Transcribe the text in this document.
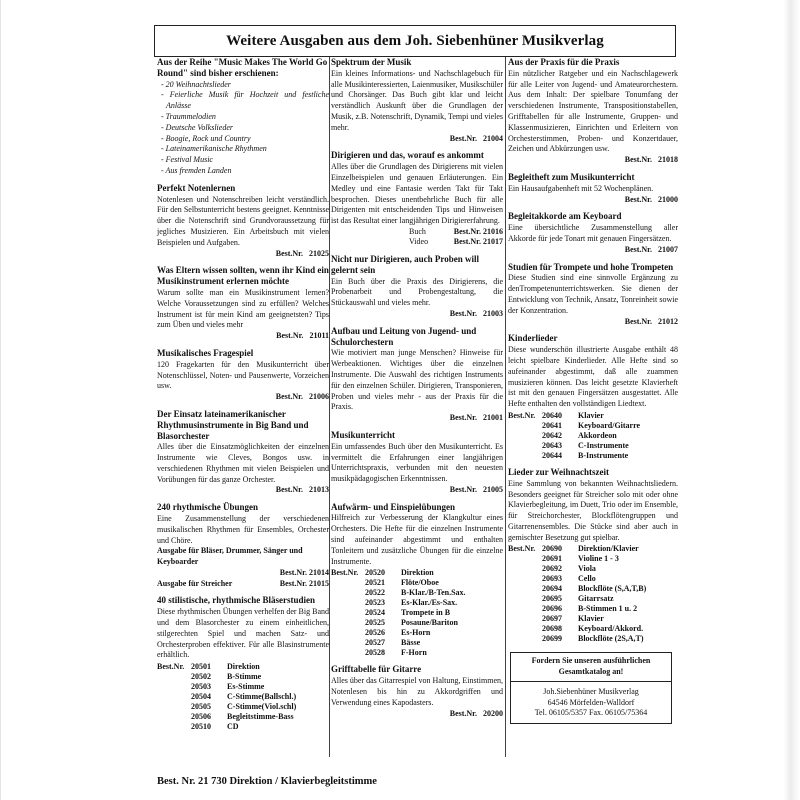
Weitere Ausgaben aus dem Joh. Siebenhüner Musikverlag
Aus der Reihe "Music Makes The World Go Round" sind bisher erschienen:
- 20 Weihnachtslieder
- Feierliche Musik für Hochzeit und festliche Anlässe
- Traummelodien
- Deutsche Volkslieder
- Boogie, Rock und Country
- Lateinamerikanische Rhythmen
- Festival Music
- Aus fremden Landen
Perfekt Notenlernen
Notenlesen und Notenschreiben leicht verständlich. Für den Selbstunterricht bestens geeignet. Kenntnisse über die Notenschrift sind Grundvoraussetzung für jegliches Musizieren. Ein Arbeitsbuch mit vielen Beispielen und Aufgaben.
Best.Nr. 21025
Was Eltern wissen sollten, wenn ihr Kind ein Musikinstrument erlernen möchte
Warum sollte man ein Musikinstrument lernen? Welche Voraussetzungen sind zu erfüllen? Welches Instrument ist für mein Kind am geeignetsten? Tips zum Üben und vieles mehr
Best.Nr. 21011
Musikalisches Fragespiel
120 Fragekarten für den Musikunterricht über Notenschlüssel, Noten- und Pausenwerte, Vorzeichen usw.
Best.Nr. 21006
Der Einsatz lateinamerikanischer Rhythmusinstrumente in Big Band und Blasorchester
Alles über die Einsatzmöglichkeiten der einzelnen Instrumente wie Cleves, Bongos usw. in verschiedenen Rhythmen mit vielen Beispielen und Vorübungen für das ganze Orchester.
Best.Nr. 21013
240 rhythmische Übungen
Eine Zusammenstellung der verschiedenen musikalischen Rhythmen für Ensembles, Orchester und Chöre.
Ausgabe für Bläser, Drummer, Sänger und Keyboarder
Best.Nr. 21014
Ausgabe für Streicher	Best.Nr. 21015
40 stilistische, rhythmische Bläserstudien
Diese rhythmischen Übungen verhelfen der Big Band und dem Blasorchester zu einem einheitlichen, stilgerechten Spiel und machen Satz- und Orchesterproben effektiver. Für alle Blasinstrumente erhältlich.
Best.Nr. 20501	Direktion
20502	B-Stimme
20503	Es-Stimme
20504	C-Stimme(Ballschl.)
20505	C-Stimme(Viol.schl)
20506	Begleitstimme-Bass
20510	CD
Spektrum der Musik
Ein kleines Informations- und Nachschlagebuch für alle Musikinteressierten, Laienmusiker, Musikschüler und Chorsänger. Das Buch gibt klar und leicht verständlich Auskunft über die Grundlagen der Musik, z.B. Notenschrift, Dynamik, Tempi und vieles mehr.
Best.Nr. 21004
Dirigieren und das, worauf es ankommt
Alles über die Grundlagen des Dirigierens mit vielen Einzelbeispielen und genauen Erläuterungen. Ein Medley und eine Fantasie werden Takt für Takt besprochen. Dieses unentbehrliche Buch für alle Dirigenten mit entscheidenden Tips und Hinweisen ist das Resultat einer langjährigen Dirigiererfahrung.
Buch	Best.Nr. 21016
Video	Best.Nr. 21017
Nicht nur Dirigieren, auch Proben will gelernt sein
Ein Buch über die Praxis des Dirigierens, die Probenarbeit und Probengestaltung, die Stückauswahl und vieles mehr.
Best.Nr. 21003
Aufbau und Leitung von Jugend- und Schulorchestern
Wie motiviert man junge Menschen? Hinweise für Werbeaktionen. Wichtiges über die einzelnen Instrumente. Die Auswahl des richtigen Instruments für den einzelnen Schüler. Dirigieren, Transponieren, Proben und vieles mehr - aus der Praxis für die Praxis.
Best.Nr. 21001
Musikunterricht
Ein umfassendes Buch über den Musikunterricht. Es vermittelt die Erfahrungen einer langjährigen Unterrichtspraxis, verbunden mit den neuesten musikpädagogischen Erkenntnissen.
Best.Nr. 21005
Aufwärm- und Einspielübungen
Hilfreich zur Verbesserung der Klangkultur eines Orchesters. Die Hefte für die einzelnen Instrumente sind aufeinander abgestimmt und enthalten Tonleitern und zusätzliche Übungen für die einzelne Instrumente.
Best.Nr. 20520	Direktion
20521	Flöte/Oboe
20522	B-Klar./B-Ten.Sax.
20523	Es-Klar./Es-Sax.
20524	Trompete in B
20525	Posaune/Bariton
20526	Es-Horn
20527	Bässe
20528	F-Horn
Grifftabelle für Gitarre
Alles über das Gitarrespiel von Haltung, Einstimmen, Notenlesen bis hin zu Akkordgriffen und Verwendung eines Kapodasters.
Best.Nr. 20200
Aus der Praxis für die Praxis
Ein nützlicher Ratgeber und ein Nachschlagewerk für alle Leiter von Jugend- und Amateurorchestern. Aus dem Inhalt: Der spielbare Tonumfang der verschiedenen Instrumente, Transpositionstabellen, Grifftabellen für alle Instrumente, Gruppen- und Klassenmusizieren, Einrichten und Erleitern von Orchesterstimmen, Proben- und Konzertdauer, Zeichen und Abkürzungen usw.
Best.Nr. 21018
Begleitheft zum Musikunterricht
Ein Hausaufgabenheft mit 52 Wochenplänen.
Best.Nr. 21000
Begleitakkorde am Keyboard
Eine übersichtliche Zusammenstellung aller Akkorde für jede Tonart mit genauen Fingersätzen.
Best.Nr. 21007
Studien für Trompete und hohe Trompeten
Diese Studien sind eine sinnvolle Ergänzung zu denTrompetenunterrichtswerken. Sie dienen der Entwicklung von Technik, Ansatz, Tonreinheit sowie der Konzentration.
Best.Nr. 21012
Kinderlieder
Diese wunderschön illustrierte Ausgabe enthält 48 leicht spielbare Kinderlieder. Alle Hefte sind so aufeinander abgestimmt, daß alle zuammen musizieren können. Das leicht gesetzte Klavierheft ist mit den genauen Fingersätzen ausgestattet. Alle Hefte enthalten den vollständigen Liedtext.
Best.Nr. 20640	Klavier
20641	Keyboard/Gitarre
20642	Akkordeon
20643	C-Instrumente
20644	B-Instrumente
Lieder zur Weihnachtszeit
Eine Sammlung von bekannten Weihnachtsliedern. Besonders geeignet für Streicher solo mit oder ohne Klavierbegleitung, im Duett, Trio oder im Ensemble, für Streichorchester, Blockflötengruppen und Gitarrenensembles. Die Stücke sind aber auch in gemischter Besetzung gut spielbar.
Best.Nr. 20690	Direktion/Klavier
20691	Violine 1 - 3
20692	Viola
20693	Cello
20694	Blockflöte (S,A,T,B)
20695	Gitarrsatz
20696	B-Stimmen 1 u. 2
20697	Klavier
20698	Keyboard/Akkord.
20699	Blockflöte (2S,A,T)
Fordern Sie unseren ausführlichen Gesamtkatalog an!
Joh.Siebenhüner Musikverlag
64546 Mörfelden-Walldorf
Tel. 06105/5357 Fax. 06105/75364
Best. Nr. 21 730 Direktion / Klavierbegleitstimme
